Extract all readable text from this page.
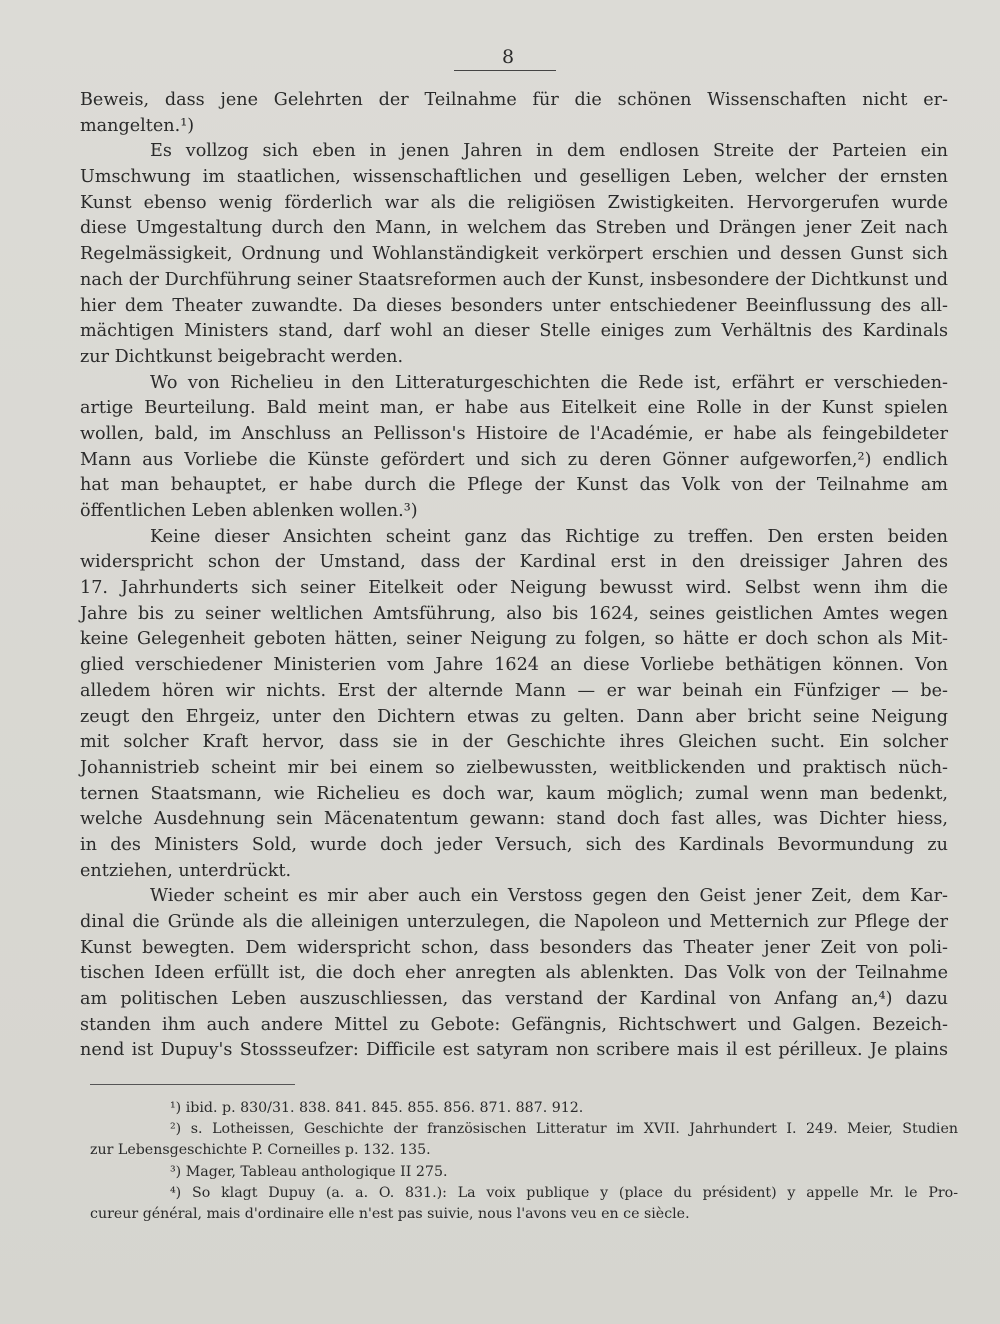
8
Beweis, dass jene Gelehrten der Teilnahme für die schönen Wissenschaften nicht er-
mangelten.¹)
Es vollzog sich eben in jenen Jahren in dem endlosen Streite der Parteien ein
Umschwung im staatlichen, wissenschaftlichen und geselligen Leben, welcher der ernsten
Kunst ebenso wenig förderlich war als die religiösen Zwistigkeiten. Hervorgerufen wurde
diese Umgestaltung durch den Mann, in welchem das Streben und Drängen jener Zeit nach
Regelmässigkeit, Ordnung und Wohlanständigkeit verkörpert erschien und dessen Gunst sich
nach der Durchführung seiner Staatsreformen auch der Kunst, insbesondere der Dichtkunst und
hier dem Theater zuwandte. Da dieses besonders unter entschiedener Beeinflussung des all-
mächtigen Ministers stand, darf wohl an dieser Stelle einiges zum Verhältnis des Kardinals
zur Dichtkunst beigebracht werden.
Wo von Richelieu in den Litteraturgeschichten die Rede ist, erfährt er verschieden-
artige Beurteilung. Bald meint man, er habe aus Eitelkeit eine Rolle in der Kunst spielen
wollen, bald, im Anschluss an Pellisson's Histoire de l'Académie, er habe als feingebildeter
Mann aus Vorliebe die Künste gefördert und sich zu deren Gönner aufgeworfen,²) endlich
hat man behauptet, er habe durch die Pflege der Kunst das Volk von der Teilnahme am
öffentlichen Leben ablenken wollen.³)
Keine dieser Ansichten scheint ganz das Richtige zu treffen. Den ersten beiden
widerspricht schon der Umstand, dass der Kardinal erst in den dreissiger Jahren des
17. Jahrhunderts sich seiner Eitelkeit oder Neigung bewusst wird. Selbst wenn ihm die
Jahre bis zu seiner weltlichen Amtsführung, also bis 1624, seines geistlichen Amtes wegen
keine Gelegenheit geboten hätten, seiner Neigung zu folgen, so hätte er doch schon als Mit-
glied verschiedener Ministerien vom Jahre 1624 an diese Vorliebe bethätigen können. Von
alledem hören wir nichts. Erst der alternde Mann — er war beinah ein Fünfziger — be-
zeugt den Ehrgeiz, unter den Dichtern etwas zu gelten. Dann aber bricht seine Neigung
mit solcher Kraft hervor, dass sie in der Geschichte ihres Gleichen sucht. Ein solcher
Johannistrieb scheint mir bei einem so zielbewussten, weitblickenden und praktisch nüch-
ternen Staatsmann, wie Richelieu es doch war, kaum möglich; zumal wenn man bedenkt,
welche Ausdehnung sein Mäcenatentum gewann: stand doch fast alles, was Dichter hiess,
in des Ministers Sold, wurde doch jeder Versuch, sich des Kardinals Bevormundung zu
entziehen, unterdrückt.
Wieder scheint es mir aber auch ein Verstoss gegen den Geist jener Zeit, dem Kar-
dinal die Gründe als die alleinigen unterzulegen, die Napoleon und Metternich zur Pflege der
Kunst bewegten. Dem widerspricht schon, dass besonders das Theater jener Zeit von poli-
tischen Ideen erfüllt ist, die doch eher anregten als ablenkten. Das Volk von der Teilnahme
am politischen Leben auszuschliessen, das verstand der Kardinal von Anfang an,⁴) dazu
standen ihm auch andere Mittel zu Gebote: Gefängnis, Richtschwert und Galgen. Bezeich-
nend ist Dupuy's Stossseufzer: Difficile est satyram non scribere mais il est périlleux. Je plains
¹) ibid. p. 830/31. 838. 841. 845. 855. 856. 871. 887. 912.
²) s. Lotheissen, Geschichte der französischen Litteratur im XVII. Jahrhundert I. 249. Meier, Studien
zur Lebensgeschichte P. Corneilles p. 132. 135.
³) Mager, Tableau anthologique II 275.
⁴) So klagt Dupuy (a. a. O. 831.): La voix publique y (place du président) y appelle Mr. le Pro-
cureur général, mais d'ordinaire elle n'est pas suivie, nous l'avons veu en ce siècle.
